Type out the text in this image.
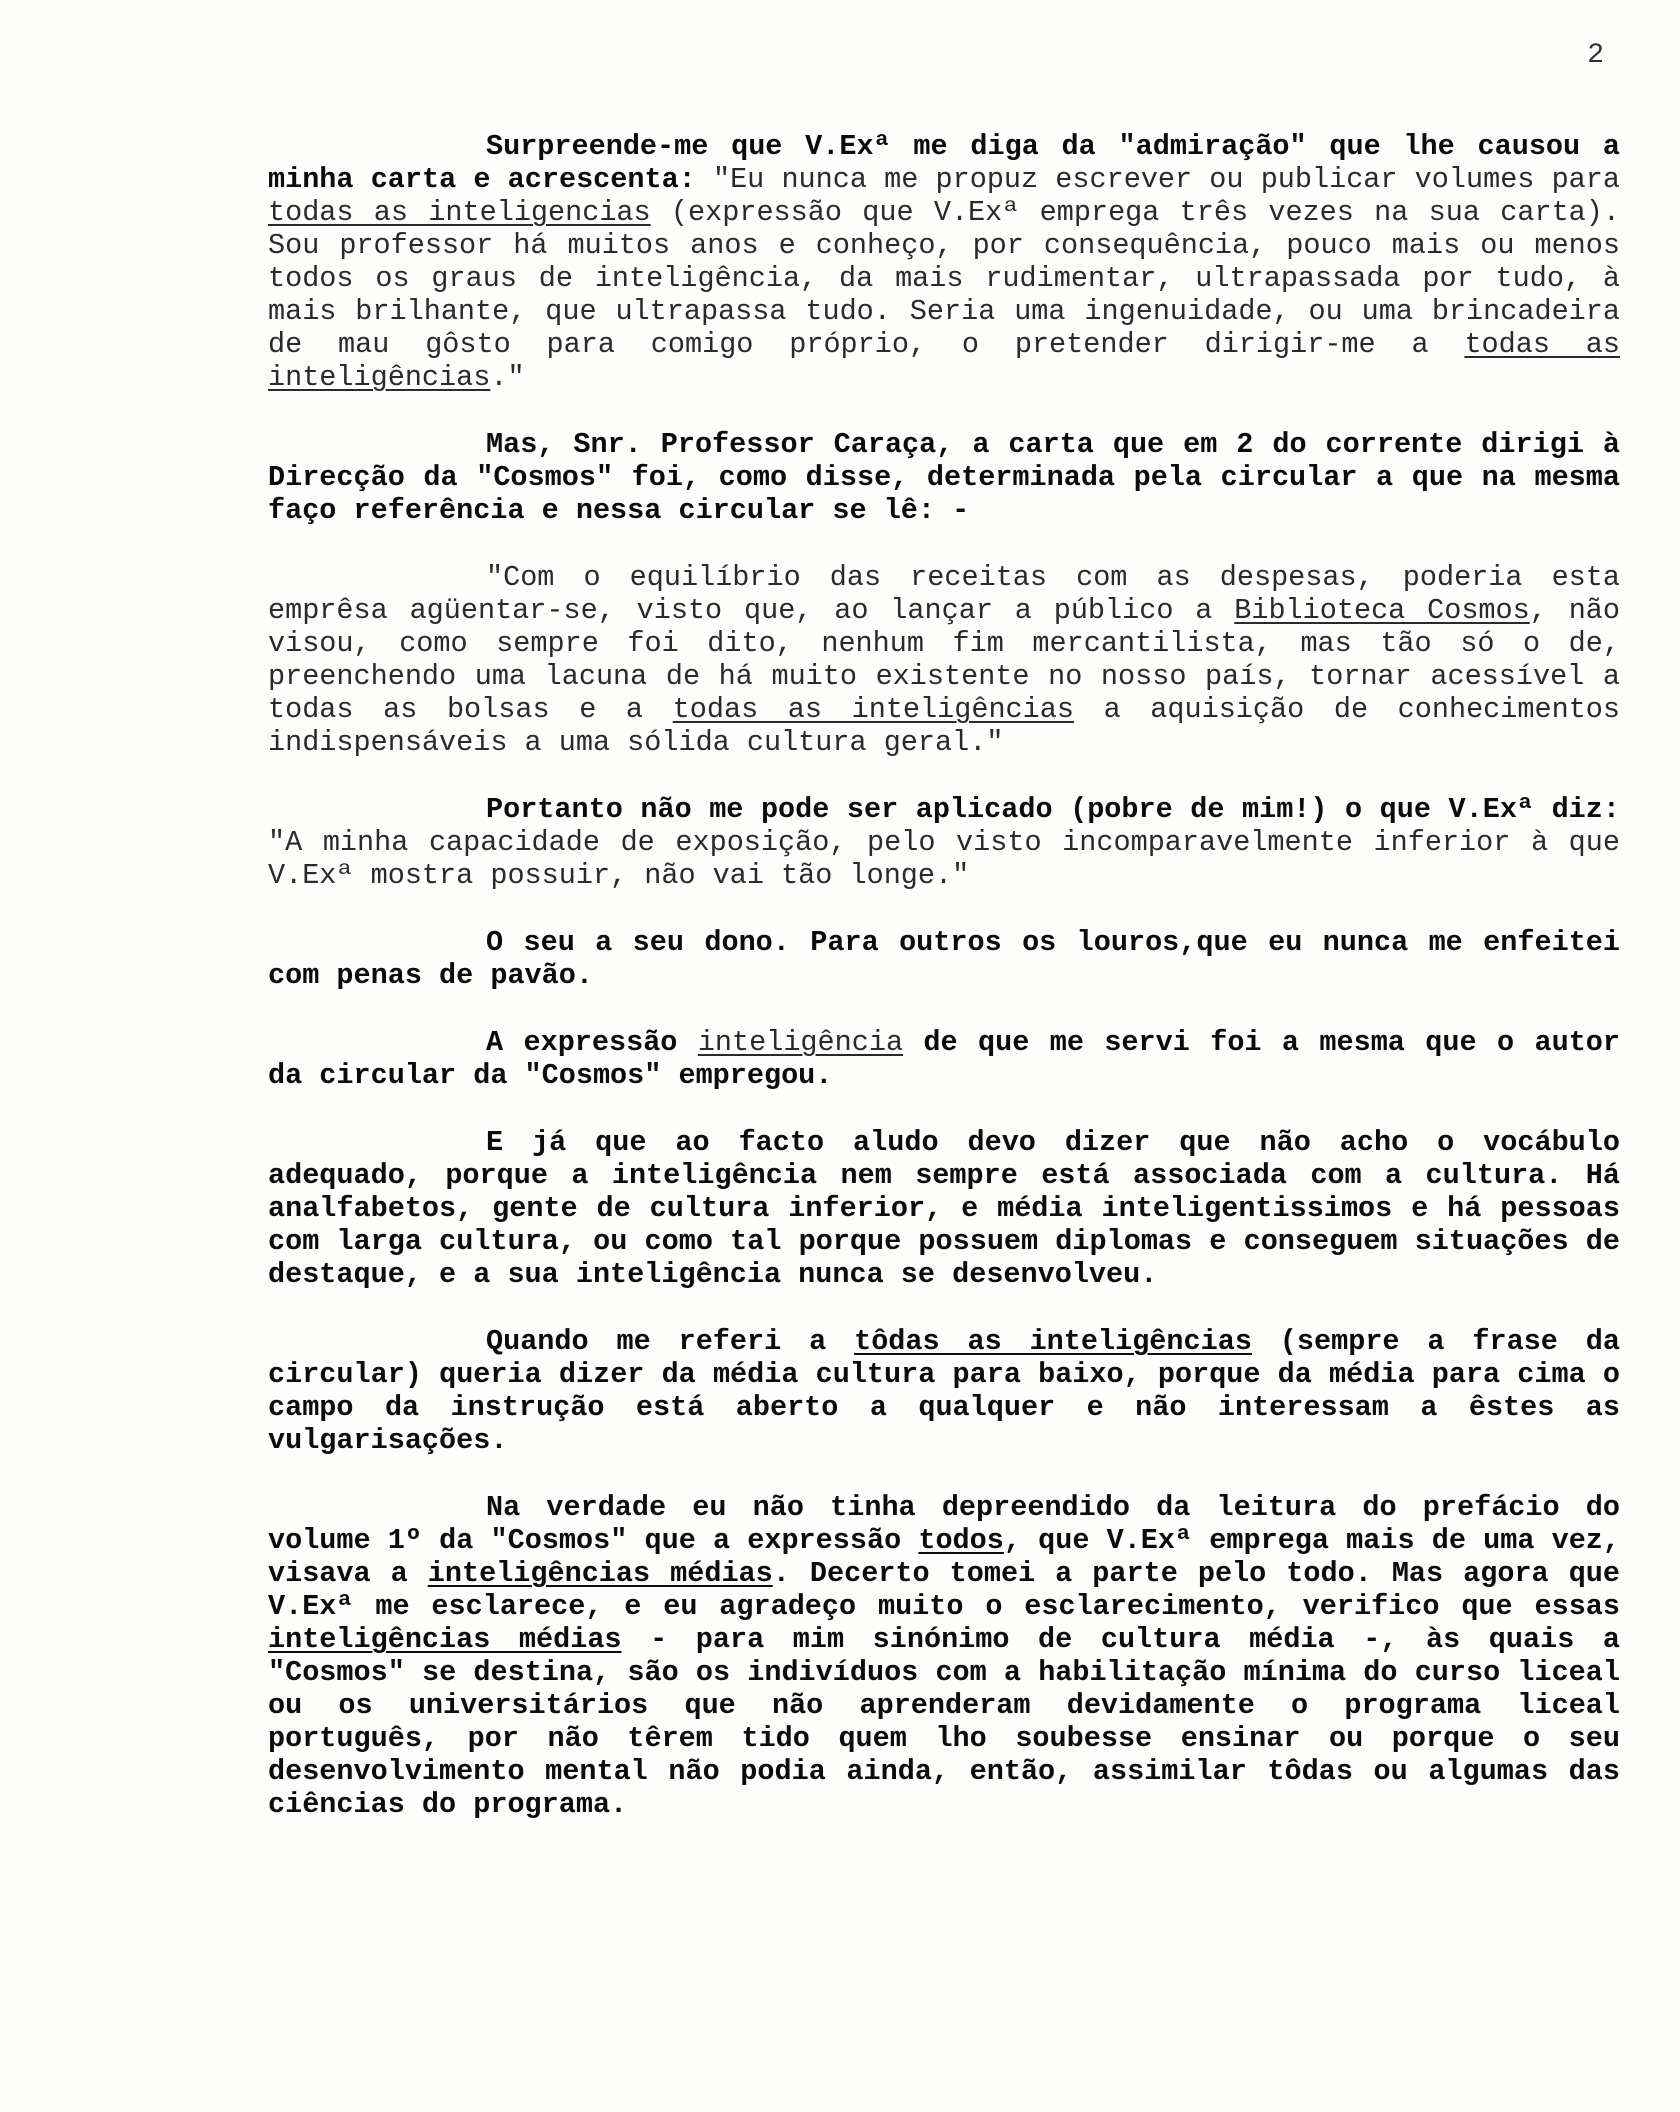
2

Surpreende-me que V.Exª me diga da "admiração" que lhe causou a minha carta e acrescenta: "Eu nunca me propuz escrever ou publicar volumes para todas as inteligencias (expressão que V.Exª emprega três vezes na sua carta). Sou professor há muitos anos e conheço, por consequência, pouco mais ou menos todos os graus de inteligência, da mais rudimentar, ultrapassada por tudo, à mais brilhante, que ultrapassa tudo. Seria uma ingenuidade, ou uma brincadeira de mau gôsto para comigo próprio, o pretender dirigir-me a todas as inteligências."

Mas, Snr. Professor Caraça, a carta que em 2 do corrente dirigi à Direcção da "Cosmos" foi, como disse, determinada pela circular a que na mesma faço referência e nessa circular se lê: -

"Com o equilíbrio das receitas com as despesas, poderia esta emprêsa agüentar-se, visto que, ao lançar a público a Biblioteca Cosmos, não visou, como sempre foi dito, nenhum fim mercantilista, mas tão só o de, preenchendo uma lacuna de há muito existente no nosso país, tornar acessível a todas as bolsas e a todas as inteligências a aquisição de conhecimentos indispensáveis a uma sólida cultura geral."

Portanto não me pode ser aplicado (pobre de mim!) o que V.Exª diz: "A minha capacidade de exposição, pelo visto incomparavelmente inferior à que V.Exª mostra possuir, não vai tão longe."

O seu a seu dono. Para outros os louros,que eu nunca me enfeitei com penas de pavão.

A expressão inteligência de que me servi foi a mesma que o autor da circular da "Cosmos" empregou.

E já que ao facto aludo devo dizer que não acho o vocábulo adequado, porque a inteligência nem sempre está associada com a cultura. Há analfabetos, gente de cultura inferior, e média inteligentissimos e há pessoas com larga cultura, ou como tal porque possuem diplomas e conseguem situações de destaque, e a sua inteligência nunca se desenvolveu.

Quando me referi a tôdas as inteligências (sempre a frase da circular) queria dizer da média cultura para baixo, porque da média para cima o campo da instrução está aberto a qualquer e não interessam a êstes as vulgarisações.

Na verdade eu não tinha depreendido da leitura do prefácio do volume 1º da "Cosmos" que a expressão todos, que V.Exª emprega mais de uma vez, visava a inteligências médias. Decerto tomei a parte pelo todo. Mas agora que V.Exª me esclarece, e eu agradeço muito o esclarecimento, verifico que essas inteligências médias - para mim sinónimo de cultura média -, às quais a "Cosmos" se destina, são os indivíduos com a habilitação mínima do curso liceal ou os universitários que não aprenderam devidamente o programa liceal português, por não têrem tido quem lho soubesse ensinar ou porque o seu desenvolvimento mental não podia ainda, então, assimilar tôdas ou algumas das ciências do programa.
